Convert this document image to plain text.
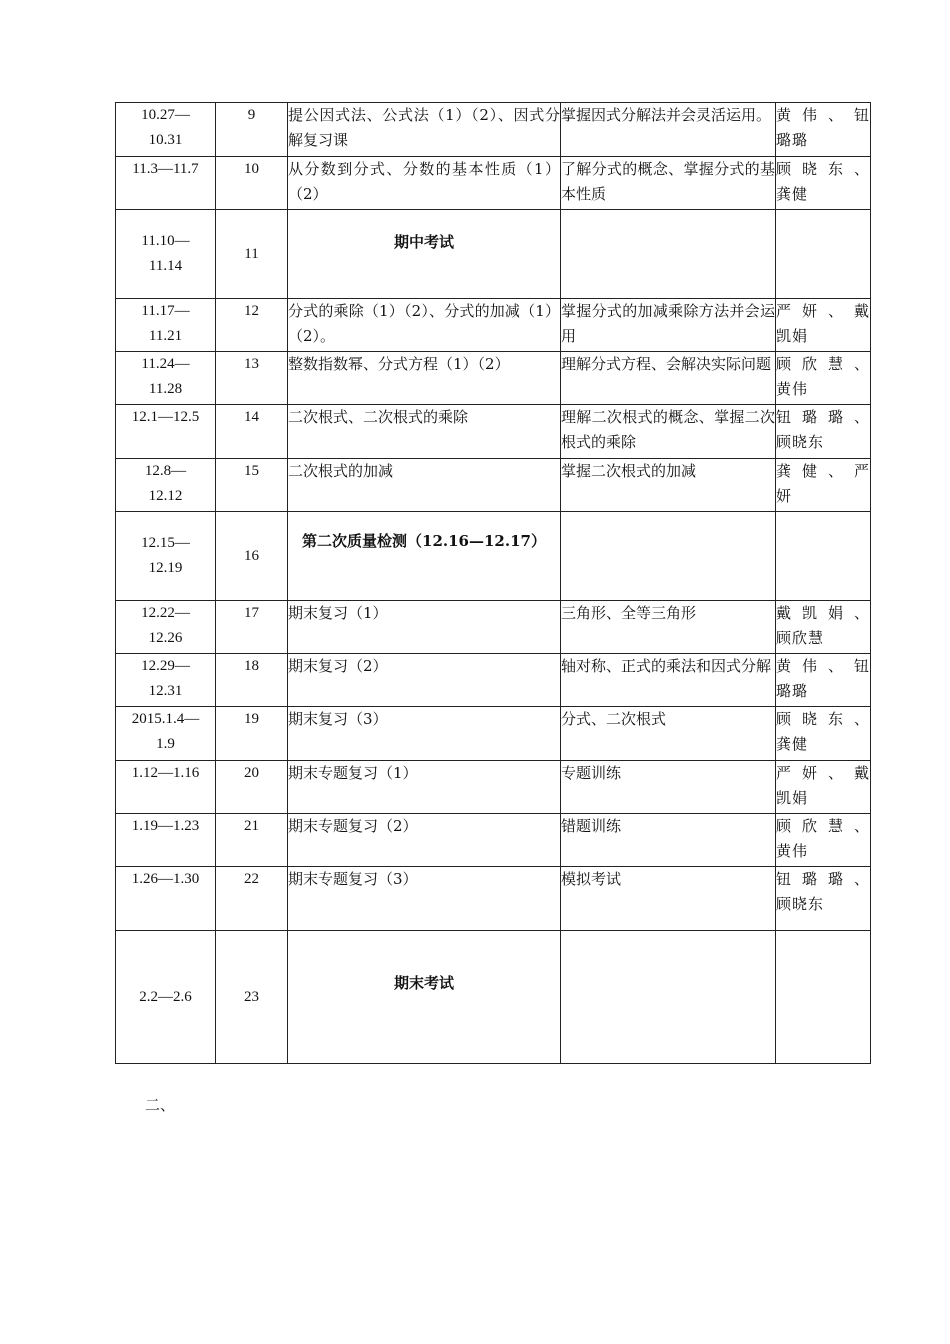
10.27—
10.31	9	提公因式法、公式法（1）（2）、因式分解复习课	掌握因式分解法并会灵活运用。	黄伟、钮
璐璐

11.3—11.7	10	从分数到分式、分数的基本性质（1）（2）	了解分式的概念、掌握分式的基本性质	顾晓东、
龚健

11.10—
11.14	11	期中考试		
11.17—
11.21	12	分式的乘除（1）（2）、分式的加减（1）（2）。	掌握分式的加减乘除方法并会运用	严妍、戴
凯娟

11.24—
11.28	13	整数指数幂、分式方程（1）（2）	理解分式方程、会解决实际问题	顾欣慧、
黄伟

12.1—12.5	14	二次根式、二次根式的乘除	理解二次根式的概念、掌握二次根式的乘除	钮璐璐、
顾晓东

12.8—
12.12	15	二次根式的加减	掌握二次根式的加减	龚健、严
妍

12.15—
12.19	16	第二次质量检测（12.16—12.17）		
12.22—
12.26	17	期末复习（1）	三角形、全等三角形	戴凯娟、
顾欣慧

12.29—
12.31	18	期末复习（2）	轴对称、正式的乘法和因式分解	黄伟、钮
璐璐

2015.1.4—
1.9	19	期末复习（3）	分式、二次根式	顾晓东、
龚健

1.12—1.16	20	期末专题复习（1）	专题训练	严妍、戴
凯娟

1.19—1.23	21	期末专题复习（2）	错题训练	顾欣慧、
黄伟

1.26—1.30	22	期末专题复习（3）	模拟考试	钮璐璐、
顾晓东

2.2—2.6	23	期末考试		
二、
